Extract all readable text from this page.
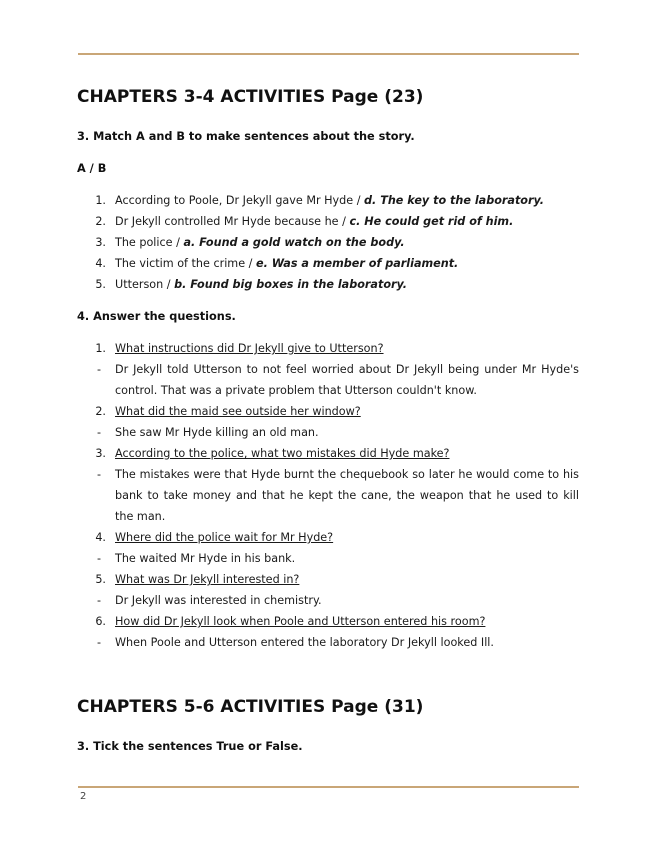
CHAPTERS 3-4 ACTIVITIES Page (23)
3. Match A and B to make sentences about the story.
A / B
1. According to Poole, Dr Jekyll gave Mr Hyde / d. The key to the laboratory.
2. Dr Jekyll controlled Mr Hyde because he / c. He could get rid of him.
3. The police / a. Found a gold watch on the body.
4. The victim of the crime / e. Was a member of parliament.
5. Utterson / b. Found big boxes in the laboratory.
4. Answer the questions.
1. What instructions did Dr Jekyll give to Utterson?
-	Dr Jekyll told Utterson to not feel worried about Dr Jekyll being under Mr Hyde's control. That was a private problem that Utterson couldn't know.
2. What did the maid see outside her window?
-	She saw Mr Hyde killing an old man.
3. According to the police, what two mistakes did Hyde make?
-	The mistakes were that Hyde burnt the chequebook so later he would come to his bank to take money and that he kept the cane, the weapon that he used to kill the man.
4. Where did the police wait for Mr Hyde?
-	The waited Mr Hyde in his bank.
5. What was Dr Jekyll interested in?
-	Dr Jekyll was interested in chemistry.
6. How did Dr Jekyll look when Poole and Utterson entered his room?
-	When Poole and Utterson entered the laboratory Dr Jekyll looked Ill.
CHAPTERS 5-6 ACTIVITIES Page (31)
3. Tick the sentences True or False.
2
